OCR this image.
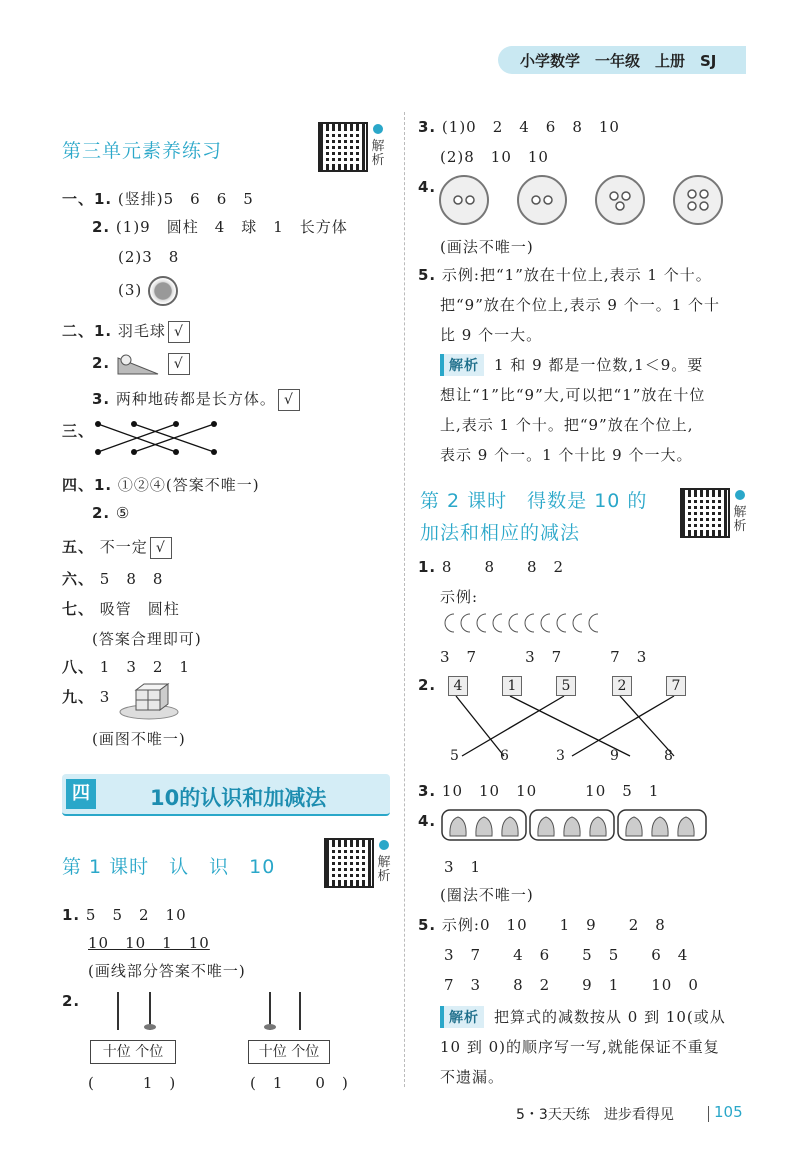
小学数学　一年级　上册　SJ
第三单元素养练习	解析
一、1. (竖排)5　6　6　5
2. (1)9　圆柱　4　球　1　长方体
(2)3　8
(3)
二、1. 羽毛球 √
2.	√
3. 两种地砖都是长方体。 √
三、
四、1. ①②④(答案不唯一)
2. ⑤
五、 不一定 √
六、 5　8　8
七、 吸管　圆柱
(答案合理即可)
八、 1　3　2　1
九、 3
(画图不唯一)
四	10的认识和加减法
第 1 课时　认　识　10	解析
1. 5　5　2　10
10　10　1　10
(画线部分答案不唯一)
2.
十位 个位
(　　　1　)
十位 个位
(　1　　0　)
3. (1)0　2　4　6　8　10
(2)8　10　10
4.
(画法不唯一)
5. 示例:把“1”放在十位上,表示 1 个十。
把“9”放在个位上,表示 9 个一。1 个十
比 9 个一大。
解析 1 和 9 都是一位数,1＜9。要
想让“1”比“9”大,可以把“1”放在十位
上,表示 1 个十。把“9”放在个位上,
表示 9 个一。1 个十比 9 个一大。
第 2 课时　得数是 10 的
加法和相应的减法
解析
1. 8　　8　　8　2
示例:
3　7　　　3　7　　　7　3
2.	4	1	5	2	7
5	6	3	9	8
3. 10　10　10　　　10　5　1
4.
3　1
(圈法不唯一)
5. 示例:0　10　　1　9　　2　8
3　7　　4　6　　5　5　　6　4
7　3　　8　2　　9　1　　10　0
解析 把算式的减数按从 0 到 10(或从
10 到 0)的顺序写一写,就能保证不重复
不遗漏。
5・3天天练　进步看得见	105
